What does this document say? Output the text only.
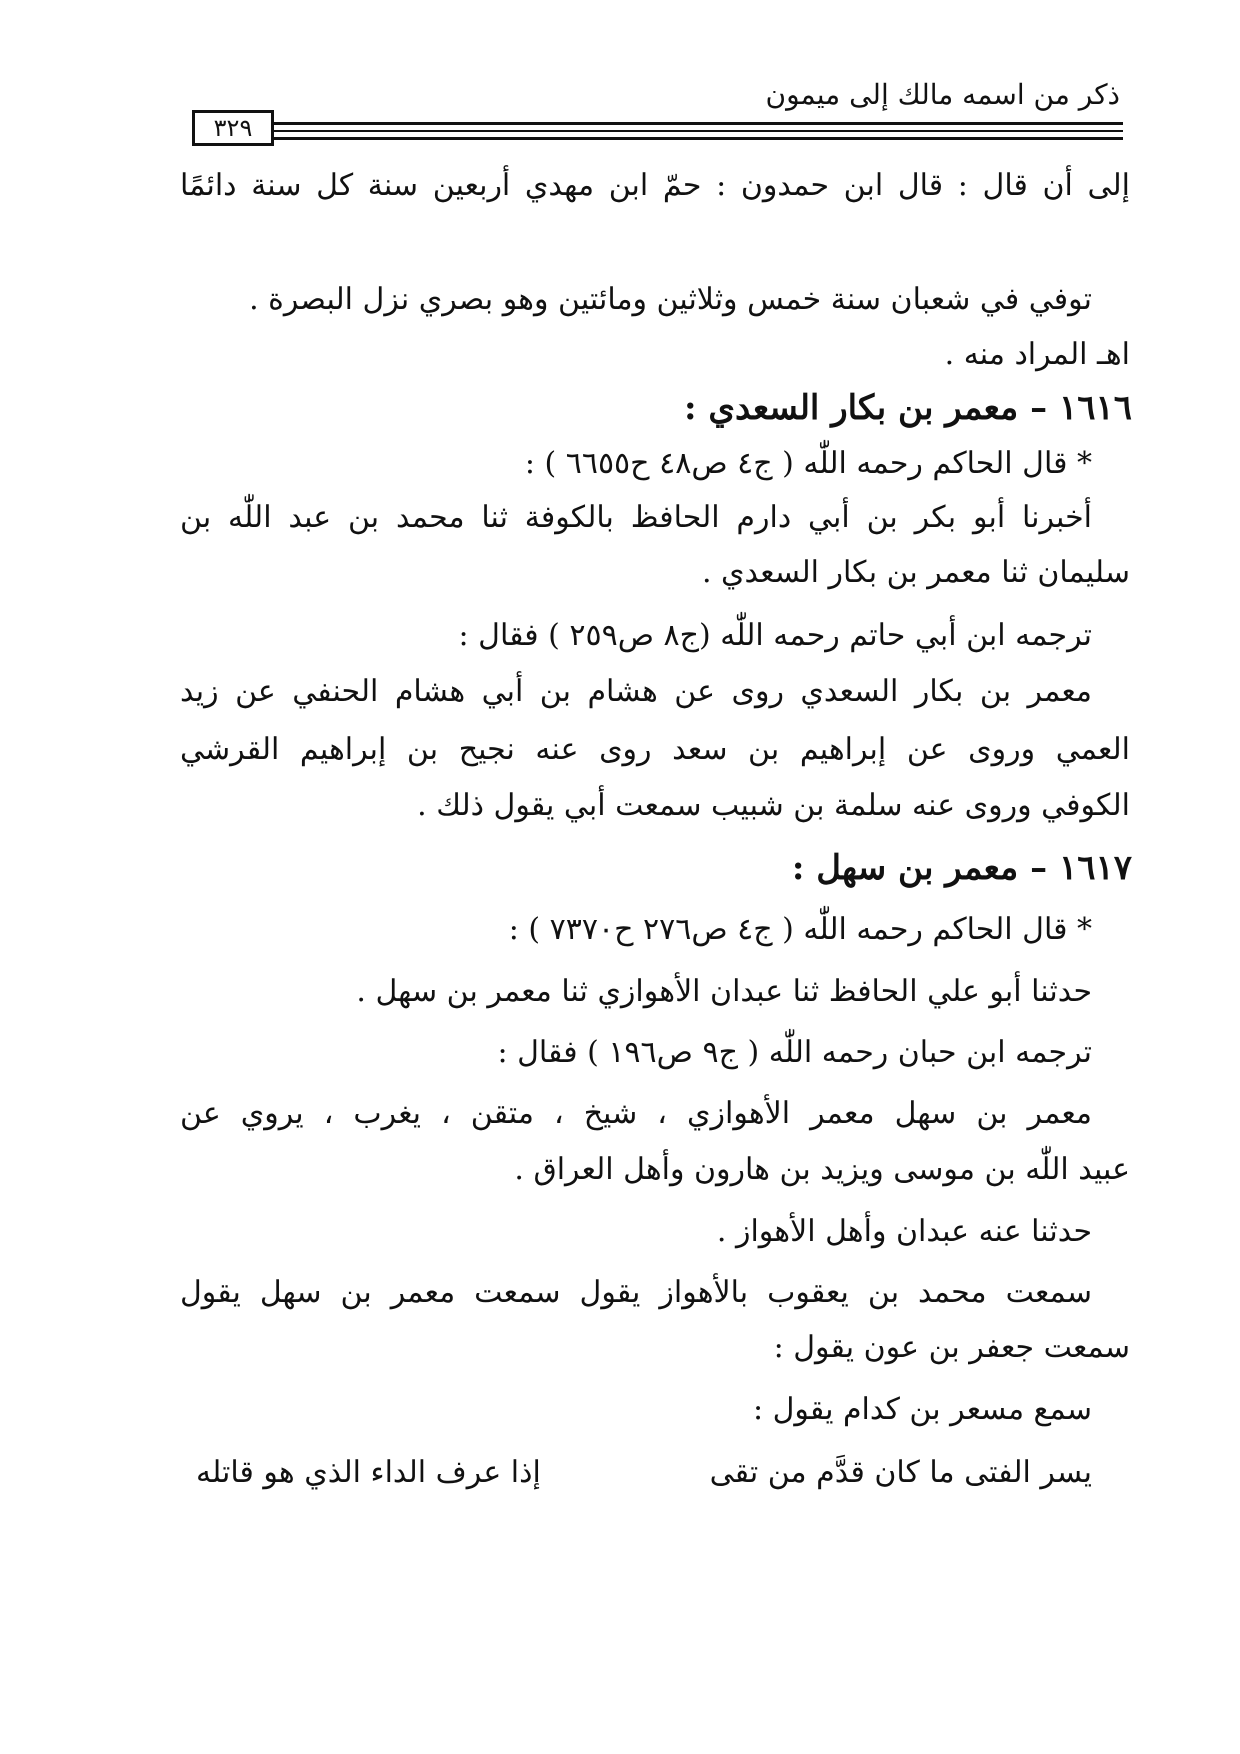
ذكر من اسمه مالك إلى ميمون
٣٢٩
إلى أن قال : قال ابن حمدون : حمّ ابن مهدي أربعين سنة كل سنة دائمًا
توفي في شعبان سنة خمس وثلاثين ومائتين وهو بصري نزل البصرة .
اهـ المراد منه .
١٦١٦ – معمر بن بكار السعدي :
* قال الحاكم رحمه اللّٰه ( ج٤ ص٤٨ ح٦٦٥٥ ) :
أخبرنا أبو بكر بن أبي دارم الحافظ بالكوفة ثنا محمد بن عبد اللّٰه بن
سليمان ثنا معمر بن بكار السعدي .
ترجمه ابن أبي حاتم رحمه اللّٰه (ج٨ ص٢٥٩ ) فقال :
معمر بن بكار السعدي روى عن هشام بن أبي هشام الحنفي عن زيد
العمي وروى عن إبراهيم بن سعد روى عنه نجيح بن إبراهيم القرشي
الكوفي وروى عنه سلمة بن شبيب سمعت أبي يقول ذلك .
١٦١٧ – معمر بن سهل :
* قال الحاكم رحمه اللّٰه ( ج٤ ص٢٧٦ ح٧٣٧٠ ) :
حدثنا أبو علي الحافظ ثنا عبدان الأهوازي ثنا معمر بن سهل .
ترجمه ابن حبان رحمه اللّٰه ( ج٩ ص١٩٦ ) فقال :
معمر بن سهل معمر الأهوازي ، شيخ ، متقن ، يغرب ، يروي عن
عبيد اللّٰه بن موسى ويزيد بن هارون وأهل العراق .
حدثنا عنه عبدان وأهل الأهواز .
سمعت محمد بن يعقوب بالأهواز يقول سمعت معمر بن سهل يقول
سمعت جعفر بن عون يقول :
سمع مسعر بن كدام يقول :
يسر الفتى ما كان قدَّم من تقى
إذا عرف الداء الذي هو قاتله
